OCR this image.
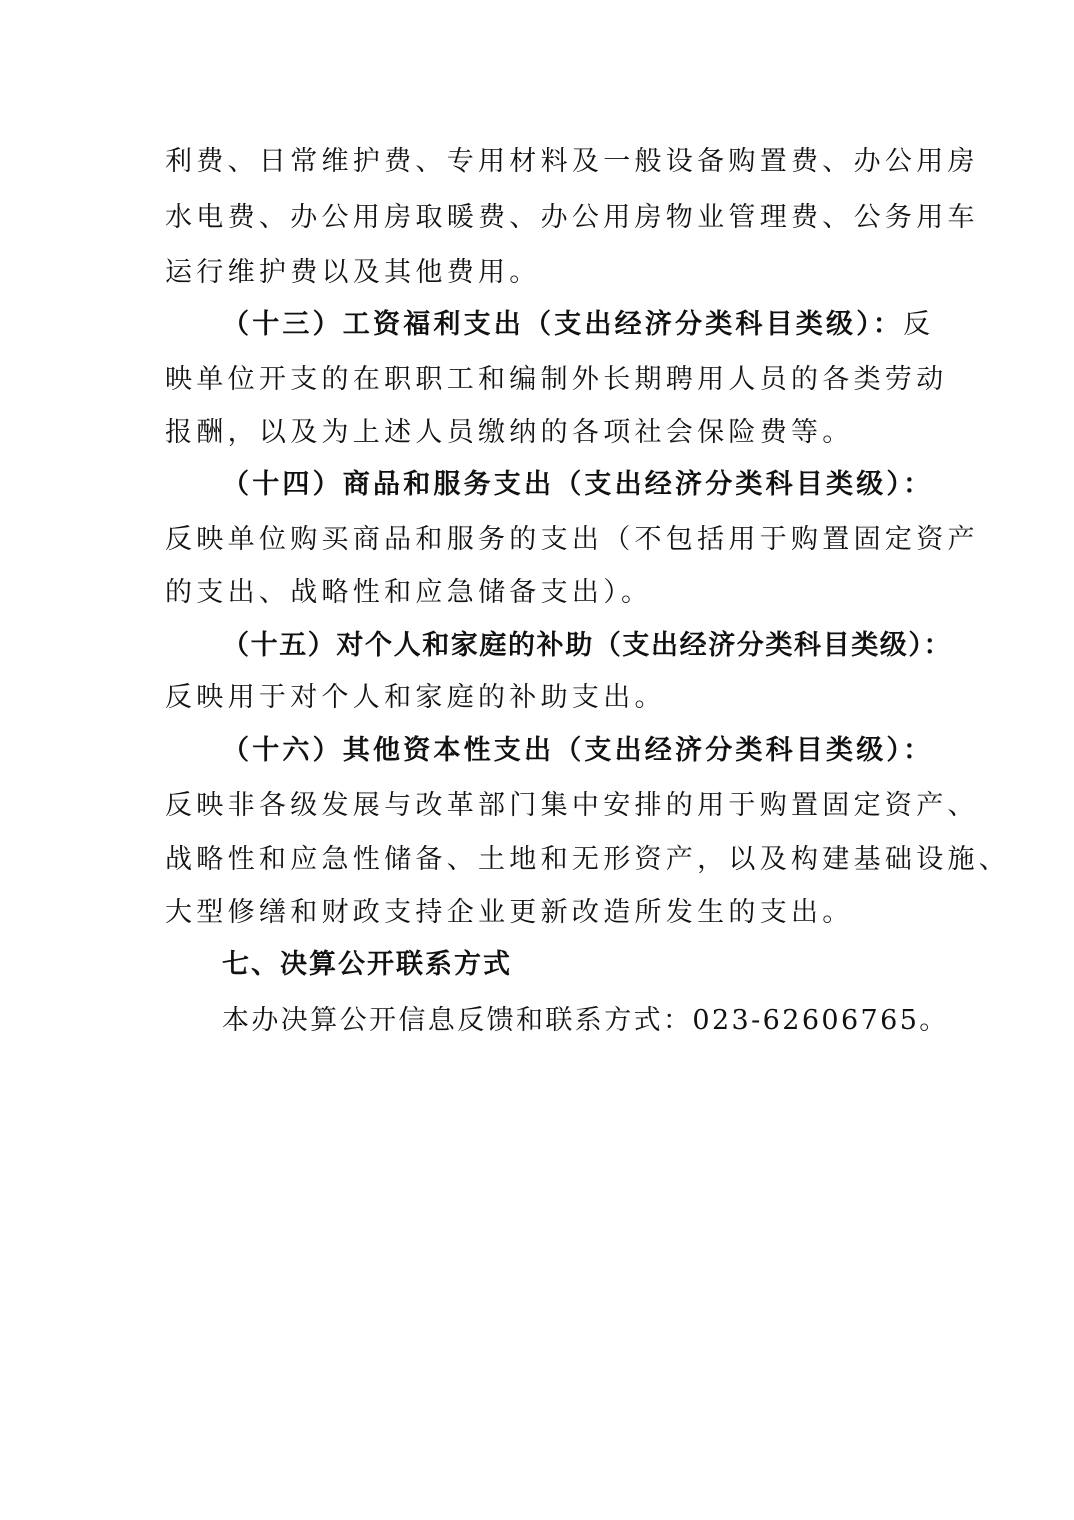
利费、日常维护费、专用材料及一般设备购置费、办公用房
水电费、办公用房取暖费、办公用房物业管理费、公务用车
运行维护费以及其他费用。
（十三）工资福利支出（支出经济分类科目类级）：反
映单位开支的在职职工和编制外长期聘用人员的各类劳动
报酬，以及为上述人员缴纳的各项社会保险费等。
（十四）商品和服务支出（支出经济分类科目类级）：
反映单位购买商品和服务的支出（不包括用于购置固定资产
的支出、战略性和应急储备支出）。
（十五）对个人和家庭的补助（支出经济分类科目类级）：
反映用于对个人和家庭的补助支出。
（十六）其他资本性支出（支出经济分类科目类级）：
反映非各级发展与改革部门集中安排的用于购置固定资产、
战略性和应急性储备、土地和无形资产，以及构建基础设施、
大型修缮和财政支持企业更新改造所发生的支出。
七、决算公开联系方式
本办决算公开信息反馈和联系方式：023-62606765。
